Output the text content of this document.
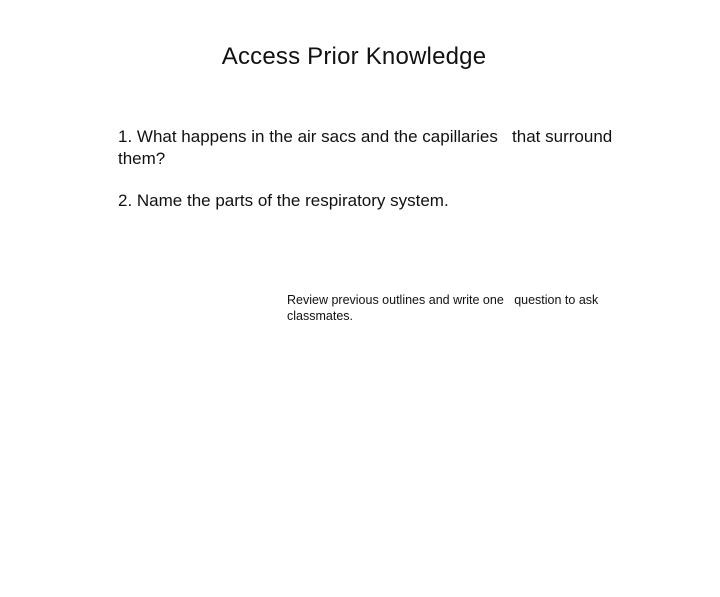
Access Prior Knowledge

1. What happens in the air sacs and the capillaries   that surround them?

2. Name the parts of the respiratory system.

Review previous outlines and write one   question to ask classmates.
